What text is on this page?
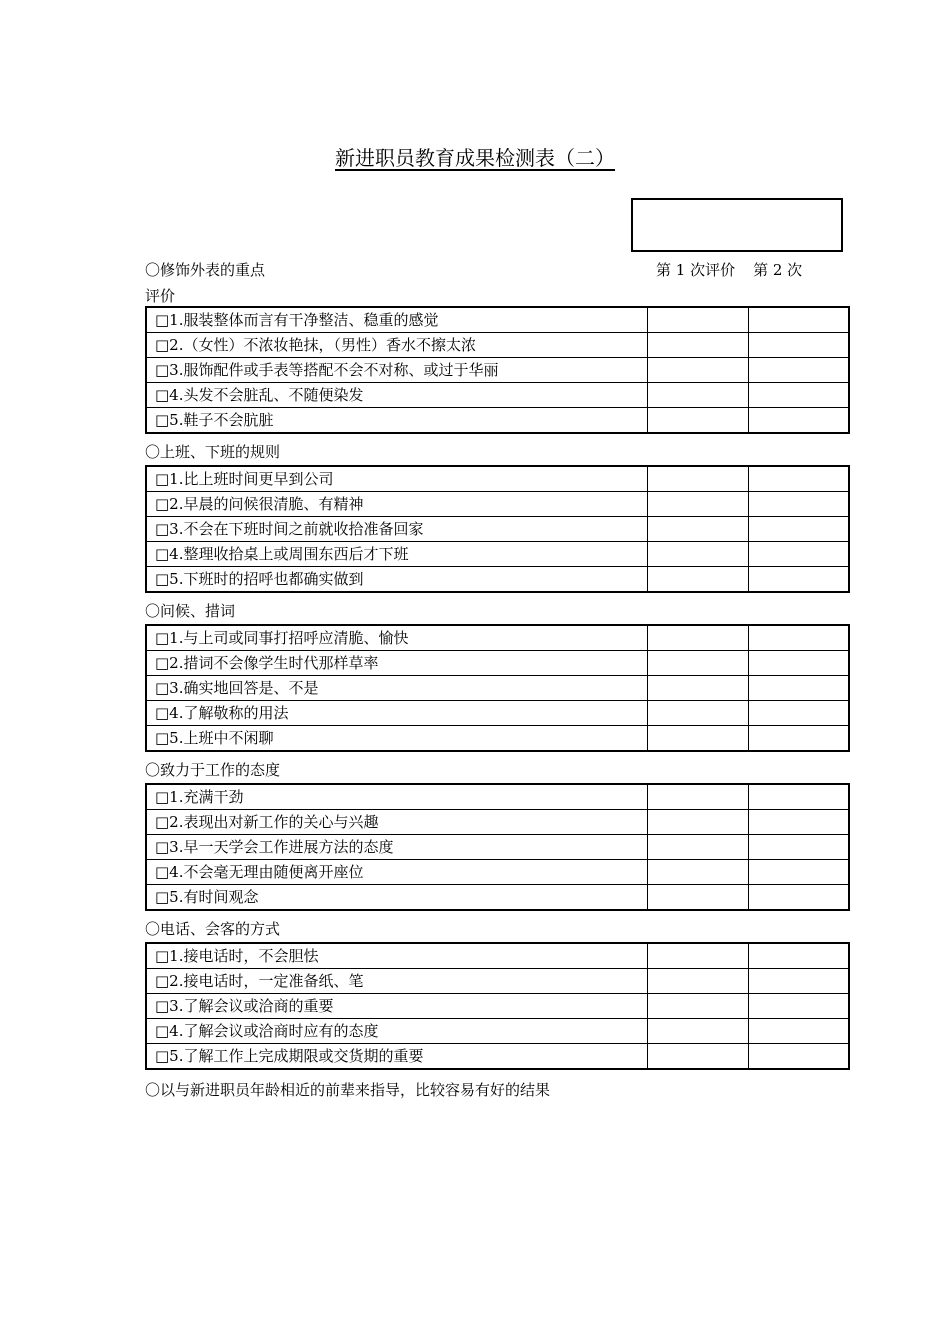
新进职员教育成果检测表（二）
〇修饰外表的重点	第 1 次评价 第 2 次
评价
□1.服装整体而言有干净整洁、稳重的感觉		
□2.（女性）不浓妆艳抹，（男性）香水不擦太浓		
□3.服饰配件或手表等搭配不会不对称、或过于华丽		
□4.头发不会脏乱、不随便染发		
□5.鞋子不会肮脏		
〇上班、下班的规则
□1.比上班时间更早到公司		
□2.早晨的问候很清脆、有精神		
□3.不会在下班时间之前就收拾准备回家		
□4.整理收拾桌上或周围东西后才下班		
□5.下班时的招呼也都确实做到		
〇问候、措词
□1.与上司或同事打招呼应清脆、愉快		
□2.措词不会像学生时代那样草率		
□3.确实地回答是、不是		
□4.了解敬称的用法		
□5.上班中不闲聊		
〇致力于工作的态度
□1.充满干劲		
□2.表现出对新工作的关心与兴趣		
□3.早一天学会工作进展方法的态度		
□4.不会毫无理由随便离开座位		
□5.有时间观念		
〇电话、会客的方式
□1.接电话时，不会胆怯		
□2.接电话时，一定准备纸、笔		
□3.了解会议或洽商的重要		
□4.了解会议或洽商时应有的态度		
□5.了解工作上完成期限或交货期的重要		
〇以与新进职员年龄相近的前辈来指导，比较容易有好的结果
